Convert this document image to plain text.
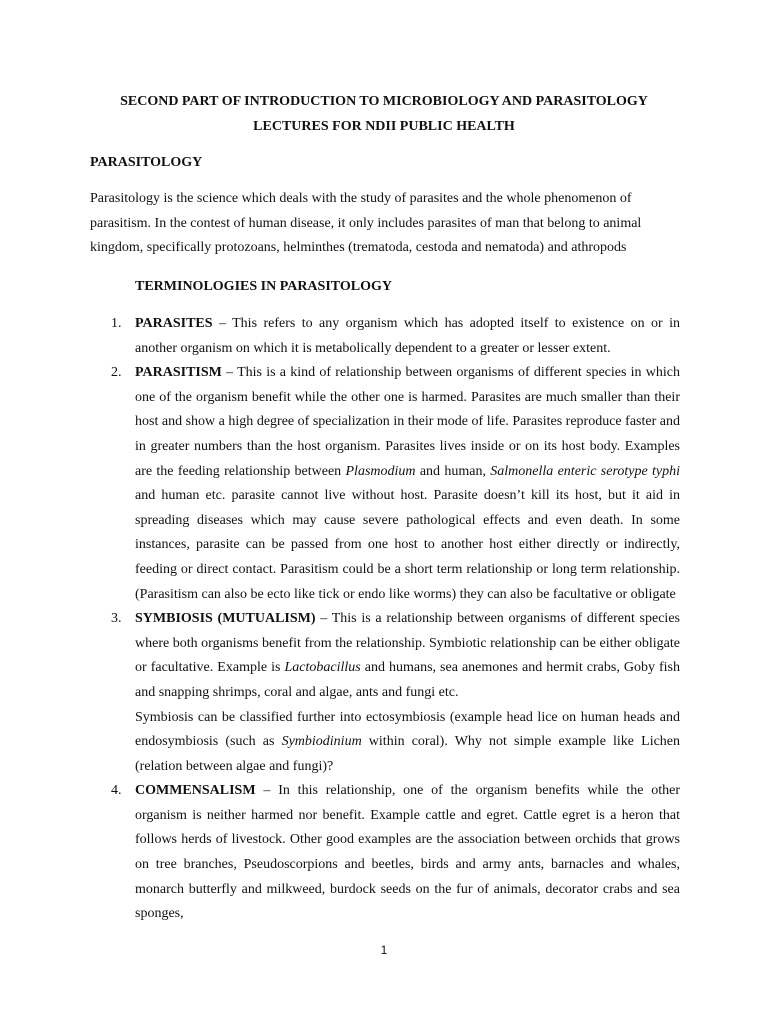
SECOND PART OF INTRODUCTION TO MICROBIOLOGY AND PARASITOLOGY
LECTURES FOR NDII PUBLIC HEALTH
PARASITOLOGY

Parasitology is the science which deals with the study of parasites and the whole phenomenon of parasitism. In the contest of human disease, it only includes parasites of man that belong to animal kingdom, specifically protozoans, helminthes (trematoda, cestoda and nematoda) and athropods

TERMINOLOGIES IN PARASITOLOGY
1. PARASITES – This refers to any organism which has adopted itself to existence on or in another organism on which it is metabolically dependent to a greater or lesser extent.

2. PARASITISM – This is a kind of relationship between organisms of different species in which one of the organism benefit while the other one is harmed. Parasites are much smaller than their host and show a high degree of specialization in their mode of life. Parasites reproduce faster and in greater numbers than the host organism. Parasites lives inside or on its host body. Examples are the feeding relationship between Plasmodium and human, Salmonella enteric serotype typhi and human etc. parasite cannot live without host. Parasite doesn’t kill its host, but it aid in spreading diseases which may cause severe pathological effects and even death. In some instances, parasite can be passed from one host to another host either directly or indirectly, feeding or direct contact. Parasitism could be a short term relationship or long term relationship. (Parasitism can also be ecto like tick or endo like worms) they can also be facultative or obligate

3. SYMBIOSIS (MUTUALISM) – This is a relationship between organisms of different species where both organisms benefit from the relationship. Symbiotic relationship can be either obligate or facultative. Example is Lactobacillus and humans, sea anemones and hermit crabs, Goby fish and snapping shrimps, coral and algae, ants and fungi etc.

Symbiosis can be classified further into ectosymbiosis (example head lice on human heads and endosymbiosis (such as Symbiodinium within coral). Why not simple example like Lichen (relation between algae and fungi)?

4. COMMENSALISM – In this relationship, one of the organism benefits while the other organism is neither harmed nor benefit. Example cattle and egret. Cattle egret is a heron that follows herds of livestock. Other good examples are the association between orchids that grows on tree branches, Pseudoscorpions and beetles, birds and army ants, barnacles and whales, monarch butterfly and milkweed, burdock seeds on the fur of animals, decorator crabs and sea sponges,

1
